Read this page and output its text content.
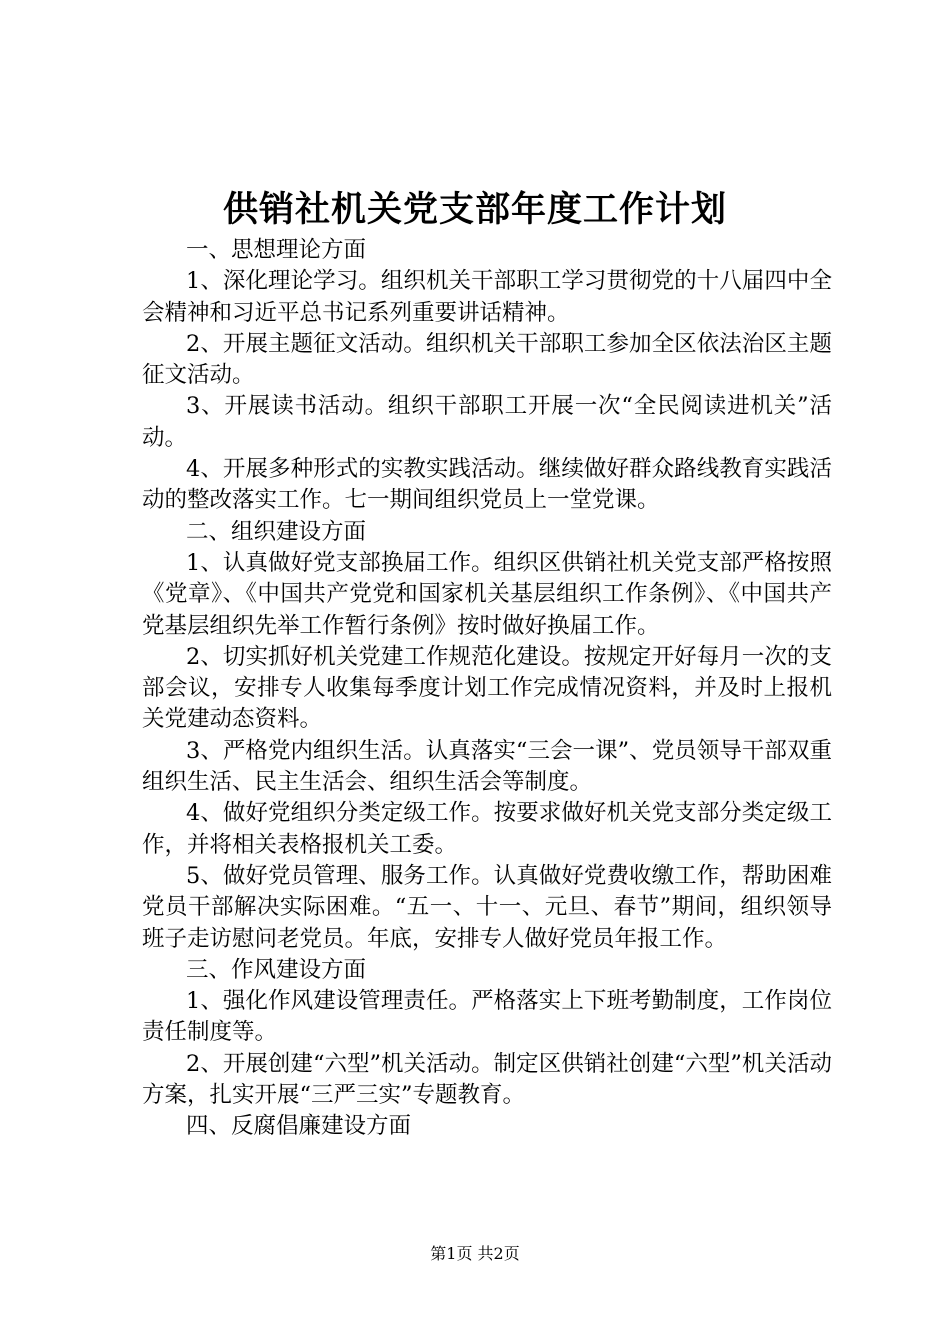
供销社机关党支部年度工作计划

一、思想理论方面

1、深化理论学习。组织机关干部职工学习贯彻党的十八届四中全会精神和习近平总书记系列重要讲话精神。

2、开展主题征文活动。组织机关干部职工参加全区依法治区主题征文活动。

3、开展读书活动。组织干部职工开展一次“全民阅读进机关”活动。

4、开展多种形式的实教实践活动。继续做好群众路线教育实践活动的整改落实工作。七一期间组织党员上一堂党课。

二、组织建设方面

1、认真做好党支部换届工作。组织区供销社机关党支部严格按照《党章》、《中国共产党党和国家机关基层组织工作条例》、《中国共产党基层组织先举工作暂行条例》按时做好换届工作。

2、切实抓好机关党建工作规范化建设。按规定开好每月一次的支部会议，安排专人收集每季度计划工作完成情况资料，并及时上报机关党建动态资料。

3、严格党内组织生活。认真落实“三会一课”、党员领导干部双重组织生活、民主生活会、组织生活会等制度。

4、做好党组织分类定级工作。按要求做好机关党支部分类定级工作，并将相关表格报机关工委。

5、做好党员管理、服务工作。认真做好党费收缴工作，帮助困难党员干部解决实际困难。“五一、十一、元旦、春节”期间，组织领导班子走访慰问老党员。年底，安排专人做好党员年报工作。

三、作风建设方面

1、强化作风建设管理责任。严格落实上下班考勤制度，工作岗位责任制度等。

2、开展创建“六型”机关活动。制定区供销社创建“六型”机关活动方案，扎实开展“三严三实”专题教育。

四、反腐倡廉建设方面

第1页 共2页
